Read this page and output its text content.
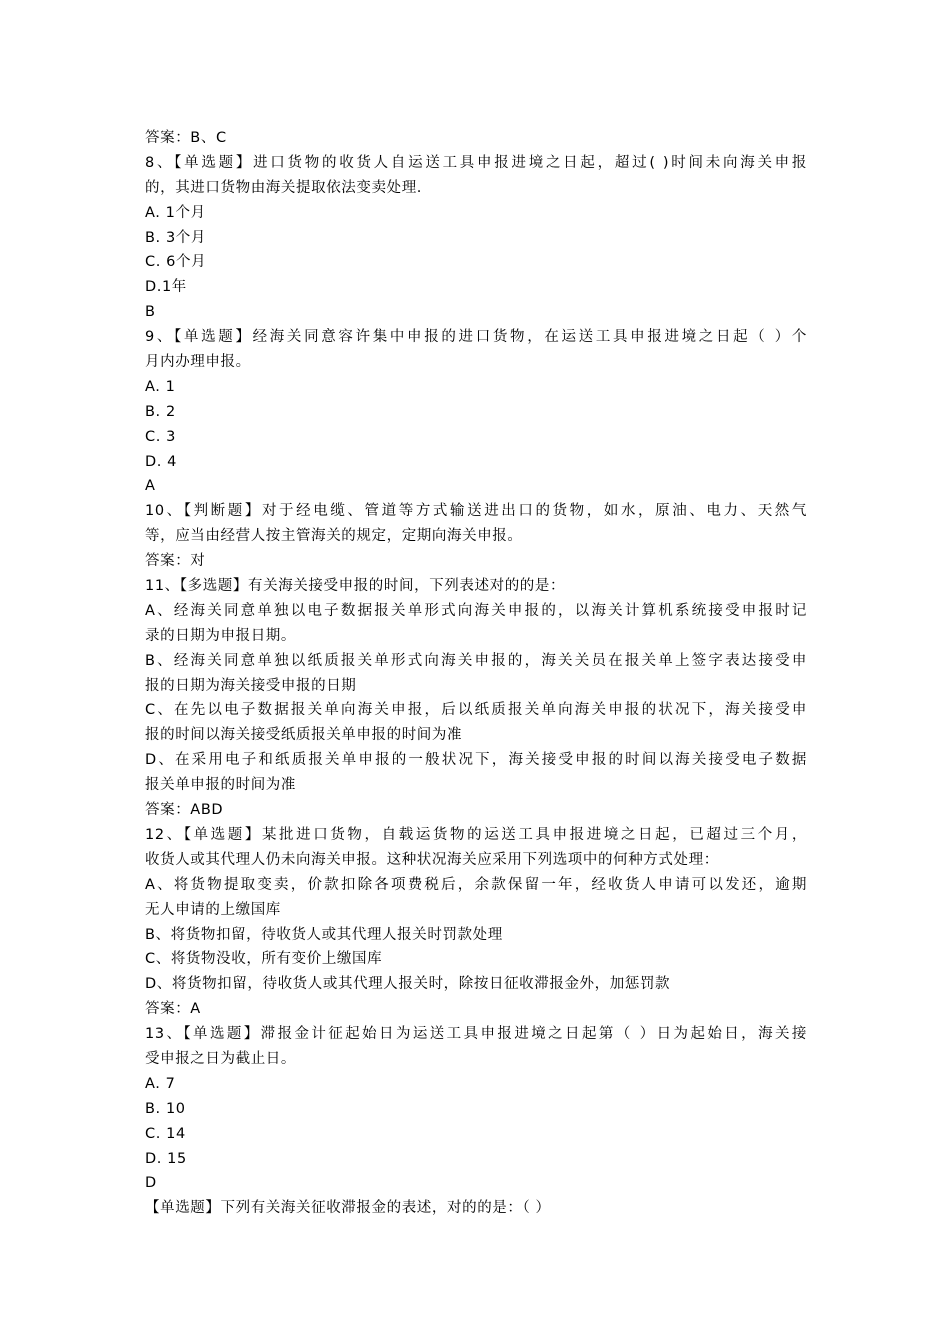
答案：B、C
8、【单选题】进口货物的收货人自运送工具申报进境之日起，超过( )时间未向海关申报
的，其进口货物由海关提取依法变卖处理.
A. 1个月
B. 3个月
C. 6个月
D.1年
B
9、【单选题】经海关同意容许集中申报的进口货物，在运送工具申报进境之日起（ ）个
月内办理申报。
A. 1
B. 2
C. 3
D. 4
A
10、【判断题】对于经电缆、管道等方式输送进出口的货物，如水，原油、电力、天然气
等，应当由经营人按主管海关的规定，定期向海关申报。
答案：对
11、【多选题】有关海关接受申报的时间，下列表述对的的是：
A、经海关同意单独以电子数据报关单形式向海关申报的，以海关计算机系统接受申报时记
录的日期为申报日期。
B、经海关同意单独以纸质报关单形式向海关申报的，海关关员在报关单上签字表达接受申
报的日期为海关接受申报的日期
C、在先以电子数据报关单向海关申报，后以纸质报关单向海关申报的状况下，海关接受申
报的时间以海关接受纸质报关单申报的时间为准
D、在采用电子和纸质报关单申报的一般状况下，海关接受申报的时间以海关接受电子数据
报关单申报的时间为准
答案：ABD
12、【单选题】某批进口货物，自载运货物的运送工具申报进境之日起，已超过三个月，
收货人或其代理人仍未向海关申报。这种状况海关应采用下列选项中的何种方式处理：
A、将货物提取变卖，价款扣除各项费税后，余款保留一年，经收货人申请可以发还，逾期
无人申请的上缴国库
B、将货物扣留，待收货人或其代理人报关时罚款处理
C、将货物没收，所有变价上缴国库
D、将货物扣留，待收货人或其代理人报关时，除按日征收滞报金外，加惩罚款
答案：A
13、【单选题】滞报金计征起始日为运送工具申报进境之日起第（ ）日为起始日，海关接
受申报之日为截止日。
A. 7
B. 10
C. 14
D. 15
D
【单选题】下列有关海关征收滞报金的表述，对的的是：（ ）
